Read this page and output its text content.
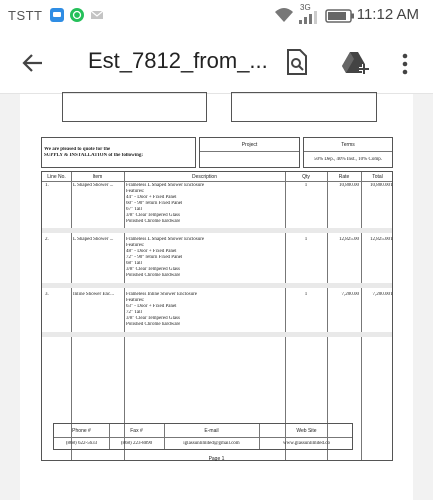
TSTT
3G	11:12 AM
Est_7812_from_...
We are pleased to quote for the
SUPPLY & INSTALLATION of the following:
Project	Terms
50% Dep., 40% Inst., 10% Comp.
Line No.	Item	Description	Qty	Rate	Total
1.	L Shaped Shower ...	Frameless L Shaped Shower Enclosure
Features:
44" - Door + Fixed Panel
60" - 90° return Fixed Panel
67" Tall
3/8" Clear Tempered Glass
Polished Chrome hardware
1	10,800.00	10,800.00T
2.	L Shaped Shower ...	Frameless L Shaped Shower Enclosure
Features:
48" - Door + Fixed Panel
72" - 90° return Fixed Panel
68" Tall
3/8" Clear Tempered Glass
Polished Chrome hardware
1	12,825.00	12,825.00T
3.	Inline Shower Enc...	Frameless Inline Shower Enclosure
Features:
63" - Door + Fixed Panel
72" Tall
3/8" Clear Tempered Glass
Polished Chrome hardware
1	7,200.00	7,200.00T
Phone #	Fax #	E-mail	Web Site
(868) 622-5633	(868) 223-8890	iglassunlimited@gmail.com	www.glassunlimited.co
Page 1
